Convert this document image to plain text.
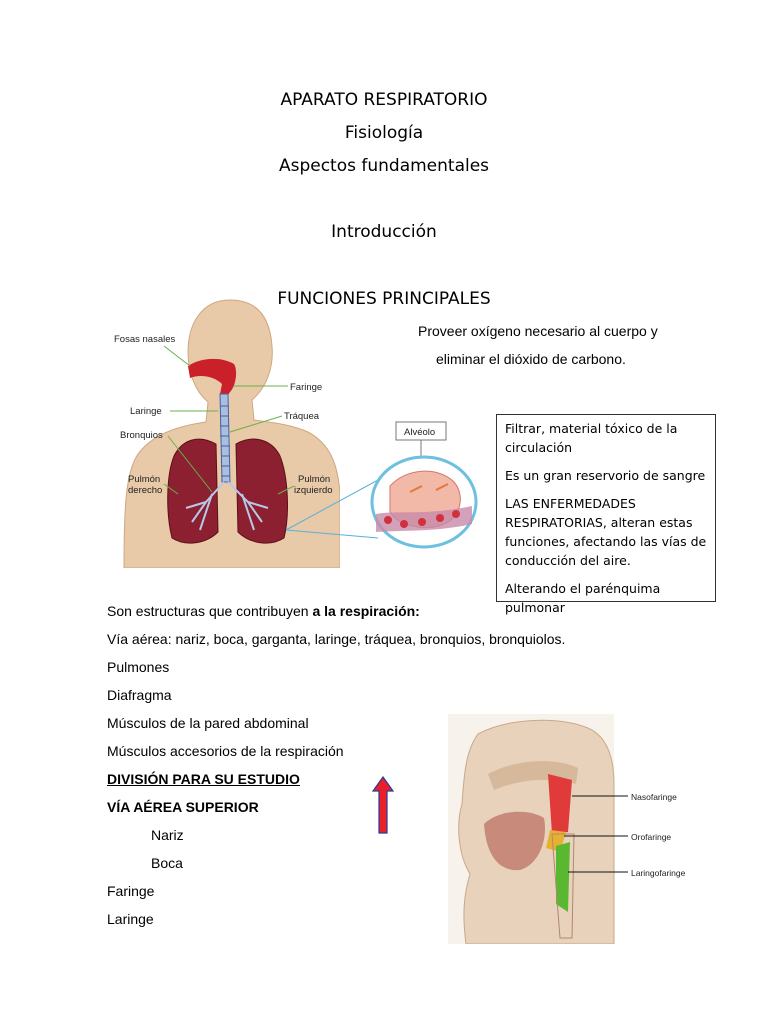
APARATO RESPIRATORIO
Fisiología
Aspectos fundamentales
Introducción
FUNCIONES PRINCIPALES
Proveer oxígeno necesario al cuerpo y
eliminar el dióxido de carbono.
Fosas nasales
Faringe
Laringe	Tráquea
Bronquios
Pulmón
derecho
Pulmón
izquierdo
Alvéolo	Filtrar, material tóxico de la circulación

Es un gran reservorio de sangre

LAS ENFERMEDADES RESPIRATORIAS, alteran estas funciones, afectando las vías de conducción del aire.

Alterando el parénquima pulmonar

Son estructuras que contribuyen a la respiración:
Vía aérea: nariz, boca, garganta, laringe, tráquea, bronquios, bronquiolos.
Pulmones
Diafragma
Músculos de la pared abdominal
Músculos accesorios de la respiración
DIVISIÓN PARA SU ESTUDIO
VÍA AÉREA SUPERIOR
Nariz
Boca
Faringe
Laringe
Nasofaringe
Orofaringe
Laringofaringe
